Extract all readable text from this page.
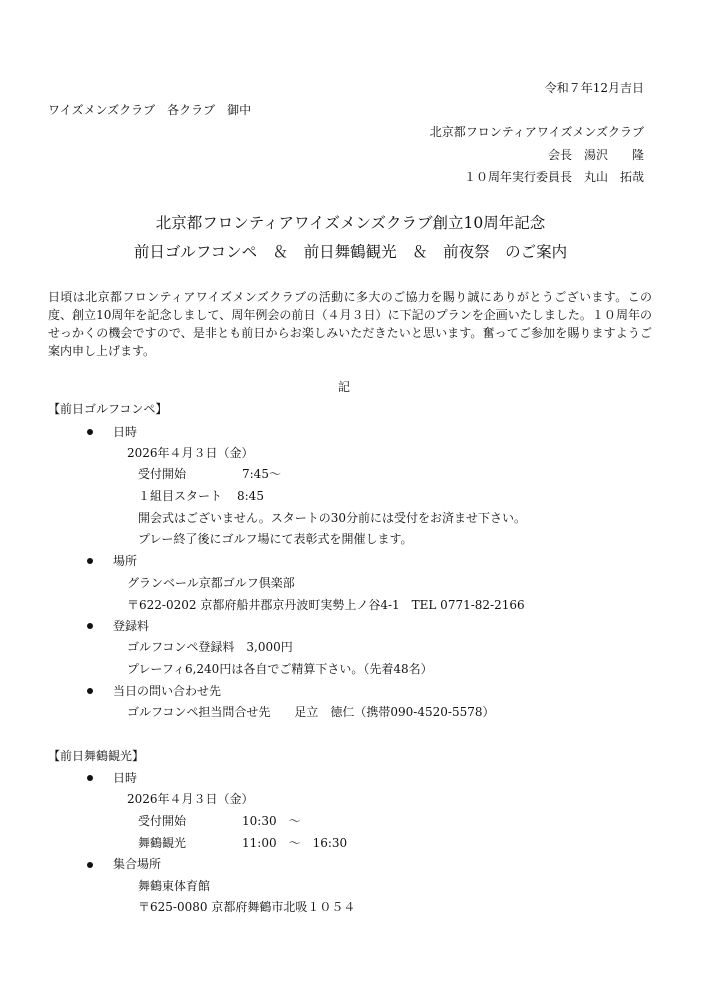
令和７年12月吉日
ワイズメンズクラブ　各クラブ　御中
北京都フロンティアワイズメンズクラブ
会長　湯沢　　隆
１０周年実行委員長　丸山　拓哉
北京都フロンティアワイズメンズクラブ創立10周年記念
前日ゴルフコンペ　＆　前日舞鶴観光　＆　前夜祭　のご案内
日頃は北京都フロンティアワイズメンズクラブの活動に多大のご協力を賜り誠にありがとうございます。この度、創立10周年を記念しまして、周年例会の前日（４月３日）に下記のプランを企画いたしました。１０周年のせっかくの機会ですので、是非とも前日からお楽しみいただきたいと思います。奮ってご参加を賜りますようご案内申し上げます。
記
【前日ゴルフコンペ】
日時
2026年４月３日（金）
受付開始	7:45～
１組目スタート 8:45
開会式はございません。スタートの30分前には受付をお済ませ下さい。
プレー終了後にゴルフ場にて表彰式を開催します。
場所
グランベール京都ゴルフ倶楽部
〒622-0202 京都府船井郡京丹波町実勢上ノ谷4-1　TEL 0771-82-2166
登録料
ゴルフコンペ登録料　3,000円
プレーフィ6,240円は各自でご精算下さい。（先着48名）
当日の問い合わせ先
ゴルフコンペ担当問合せ先　　足立　徳仁（携帯090-4520-5578）
【前日舞鶴観光】
日時
2026年４月３日（金）
受付開始	10:30　～
舞鶴観光	11:00　～　16:30
集合場所
舞鶴東体育館
〒625-0080 京都府舞鶴市北吸１０５４
